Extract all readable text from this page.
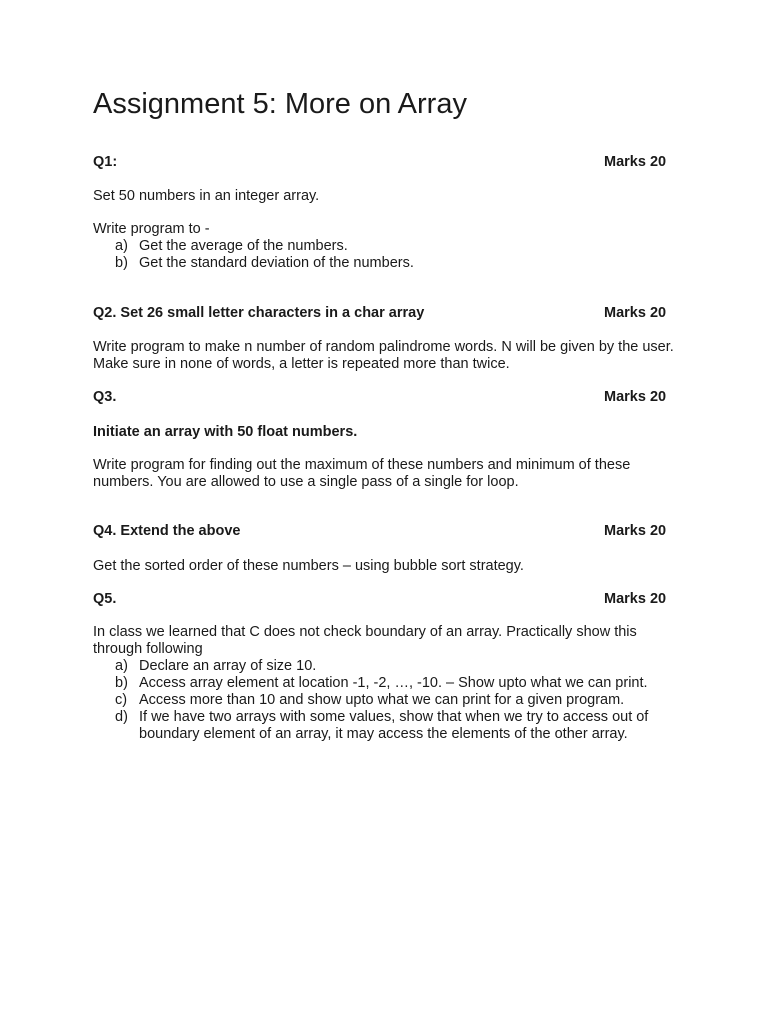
Assignment 5: More on Array
Q1:	Marks 20
Set 50 numbers in an integer array.
Write program to -
a) Get the average of the numbers.
b) Get the standard deviation of the numbers.
Q2. Set 26 small letter characters in a char array	Marks 20
Write program to make n number of random palindrome words. N will be given by the user. Make sure in none of words, a letter is repeated more than twice.
Q3.	Marks 20
Initiate an array with 50 float numbers.
Write program for finding out the maximum of these numbers and minimum of these numbers. You are allowed to use a single pass of a single for loop.
Q4. Extend the above	Marks 20
Get the sorted order of these numbers – using bubble sort strategy.
Q5.	Marks 20
In class we learned that C does not check boundary of an array. Practically show this through following
a) Declare an array of size 10.
b) Access array element at location -1, -2, …, -10. – Show upto what we can print.
c) Access more than 10 and show upto what we can print for a given program.
d) If we have two arrays with some values, show that when we try to access out of boundary element of an array, it may access the elements of the other array.
